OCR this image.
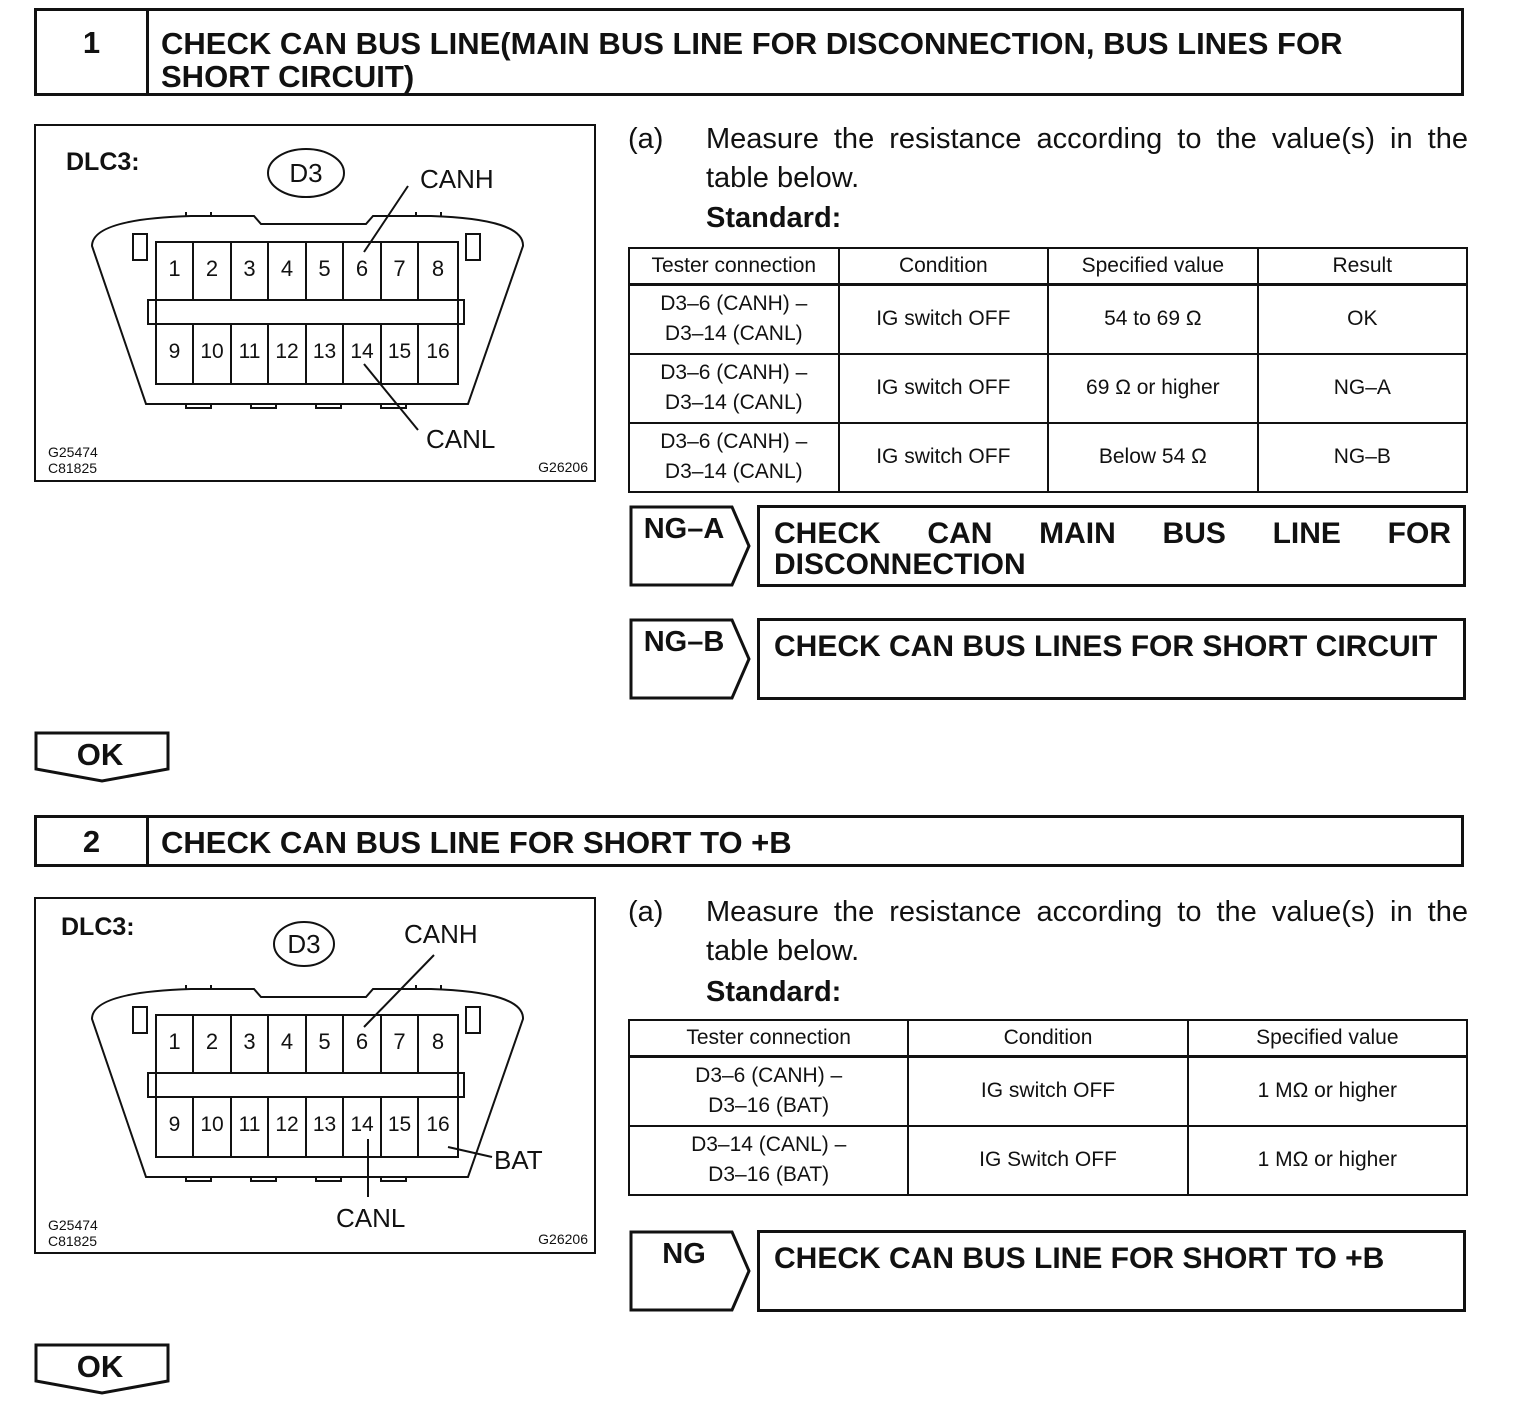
1	CHECK CAN BUS LINE(MAIN BUS LINE FOR DISCONNECTION, BUS LINES FOR SHORT CIRCUIT)
DLC3:	D3	CANH
CANL
1	2	3	4	5	6	7	8
9 10 11 12 13 14 15 16
G25474
C81825	G26206
(a) Measure the resistance according to the value(s) in the table below.
Standard:
Tester connection	Condition	Specified value	Result

D3–6 (CANH) –
D3–14 (CANL)	IG switch OFF	54 to 69 Ω	OK

D3–6 (CANH) –
D3–14 (CANL)	IG switch OFF	69 Ω or higher	NG–A

D3–6 (CANH) –
D3–14 (CANL)	IG switch OFF	Below 54 Ω	NG–B
NG–A	CHECK CAN MAIN BUS LINE FOR DISCONNECTION
NG–B	CHECK CAN BUS LINES FOR SHORT CIRCUIT
OK
2	CHECK CAN BUS LINE FOR SHORT TO +B
DLC3:
D3	CANH
CANL
BAT
1	2	3	4	5	6	7	8
9 10 11 12 13 14 15 16
G25474
C81825	G26206
(a) Measure the resistance according to the value(s) in the table below.
Standard:
Tester connection	Condition	Specified value

D3–6 (CANH) –
D3–16 (BAT)	IG switch OFF	1 MΩ or higher

D3–14 (CANL) –
D3–16 (BAT)	IG Switch OFF	1 MΩ or higher
NG	CHECK CAN BUS LINE FOR SHORT TO +B
OK
